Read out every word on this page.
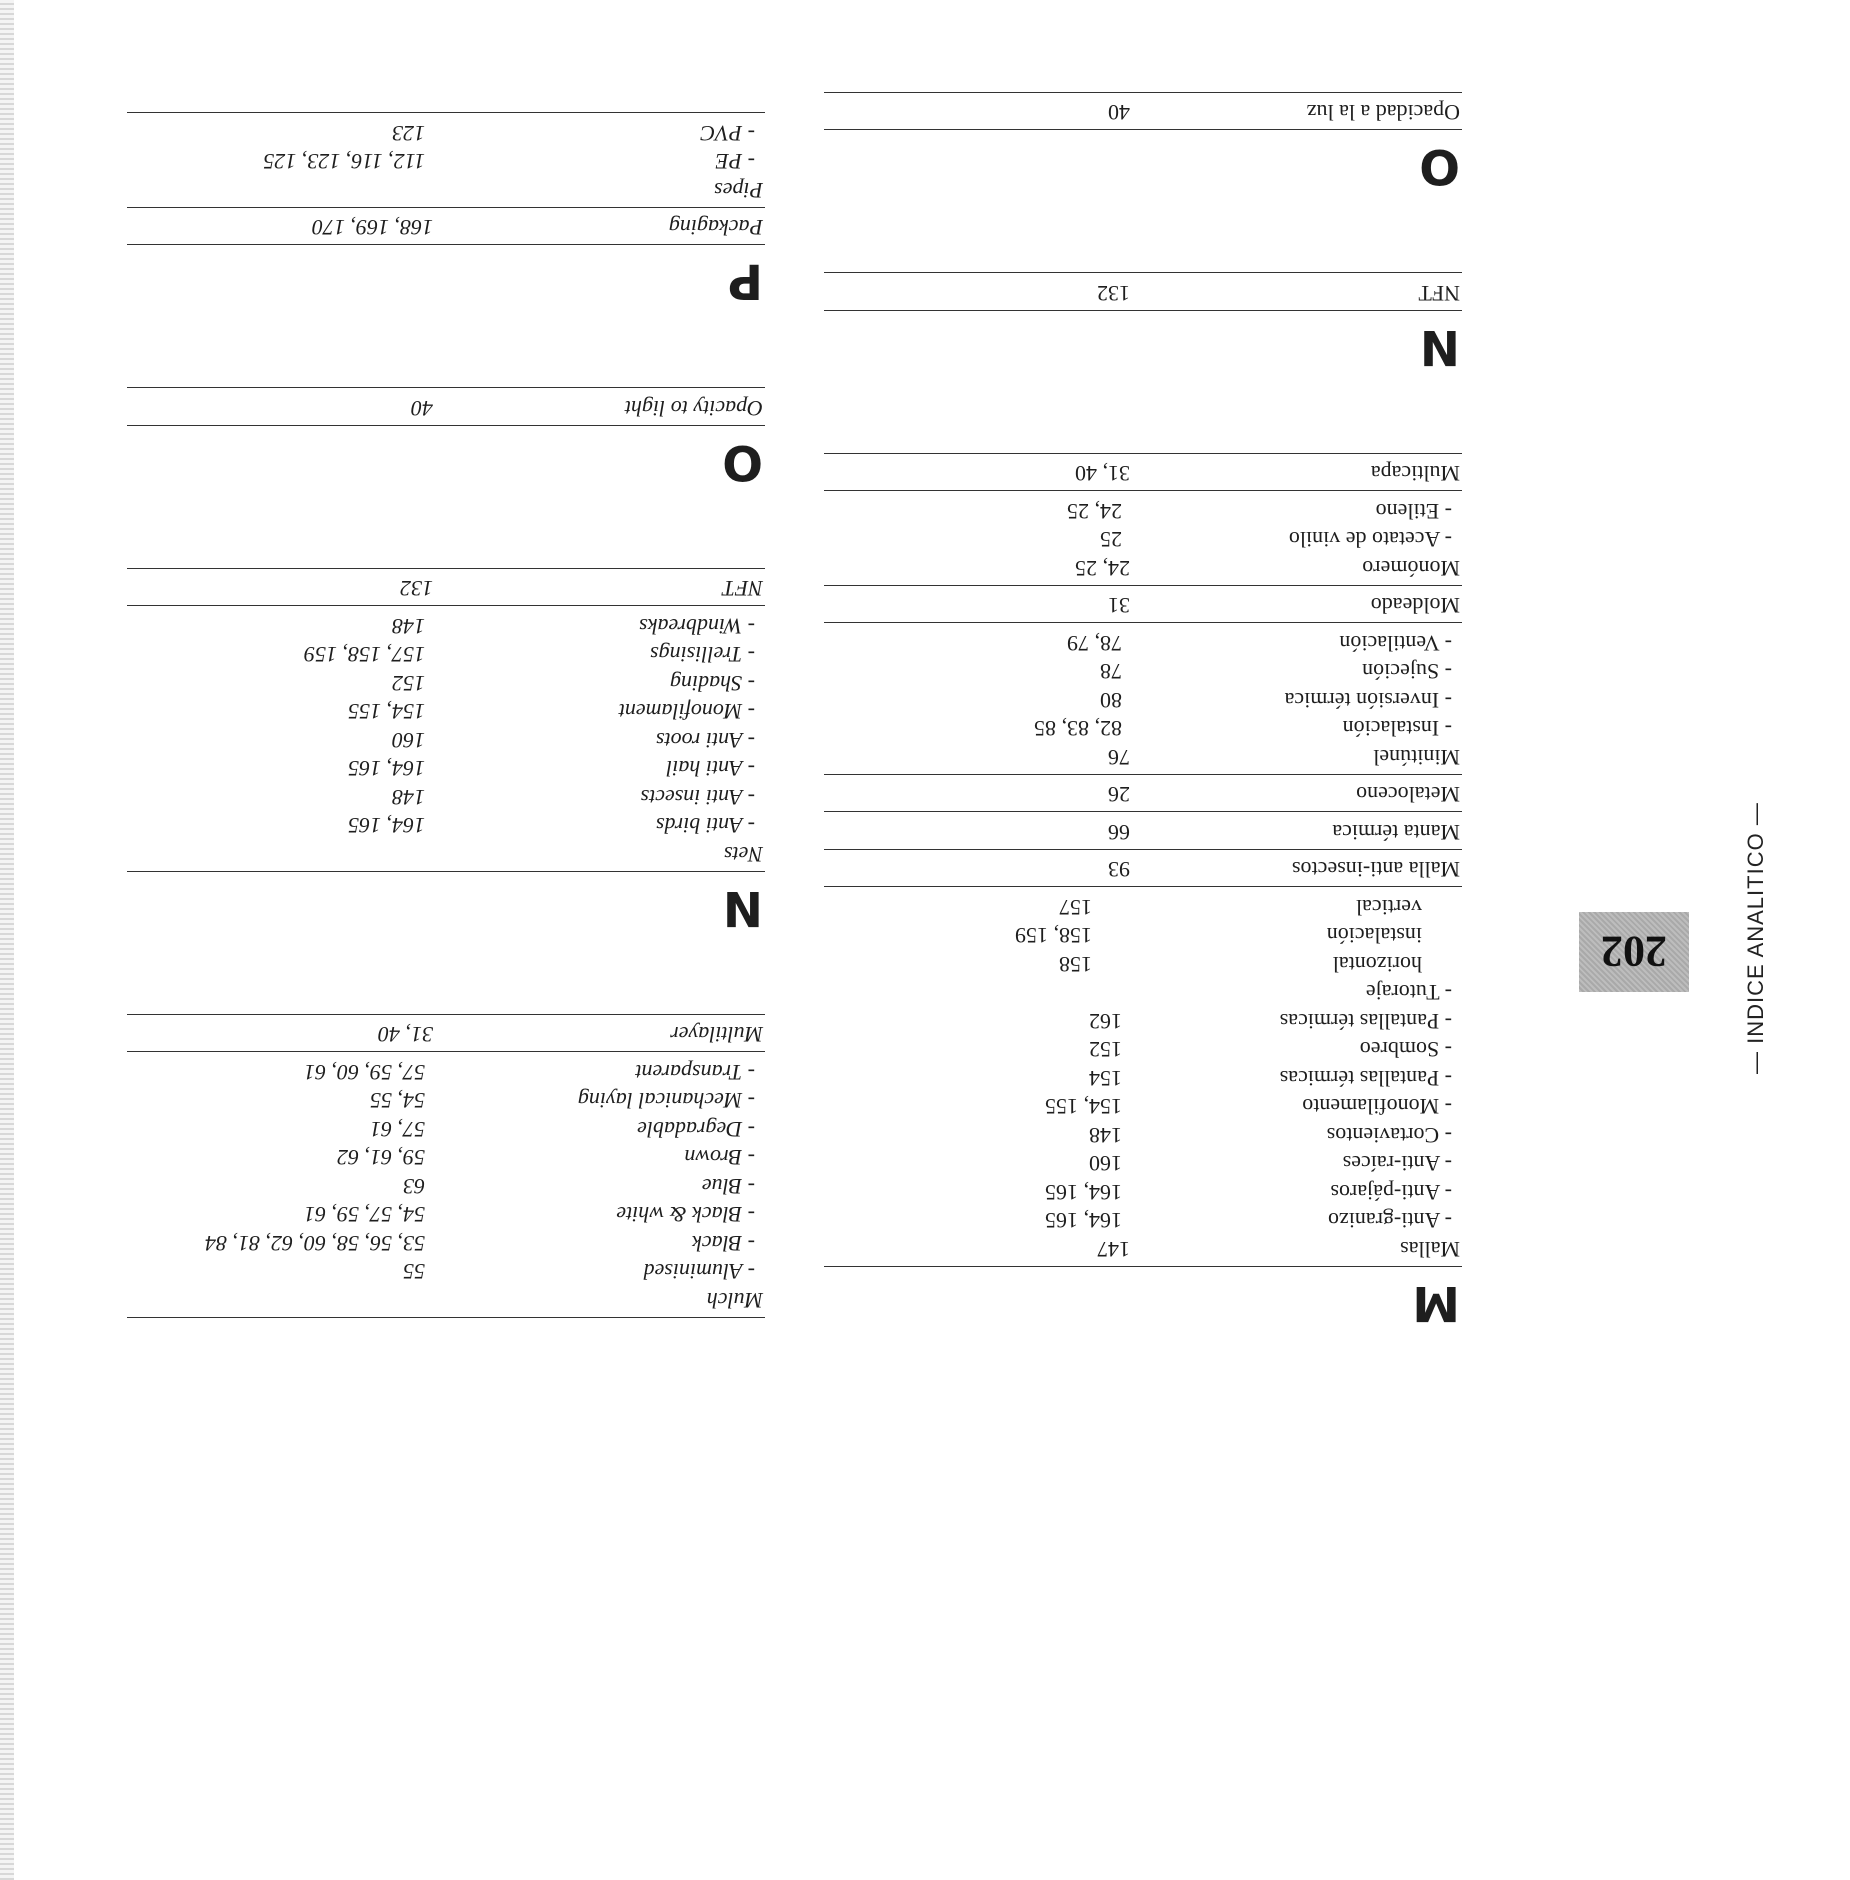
202	— INDICE ANALITICO —
M
Mallas
147
- Anti-granizo
164, 165
- Anti-pájaros
164, 165
- Anti-raíces
160
- Cortavientos
148
- Monofilamento
154, 155
- Pantallas térmicas
154
- Sombreo
152
- Pantallas térmicas
162
- Tutoraje
horizontal
158
instalación
158, 159
vertical
157
Malla anti-insectos
93
Manta térmica
66
Metaloceno
26
Minitúnel
76
- Instalación
82, 83, 85
- Inversión térmica
80
- Sujeción
78
- Ventilación
78, 79
Moldeado
31
Monómero
24, 25
- Acetato de vinilo
25
- Etileno
24, 25
Multicapa
31, 40
N
NFT
132
O
Opacidad a la luz
40
Mulch
- Aluminised
55
- Black
53, 56, 58, 60, 62, 81, 84
- Black & white
54, 57, 59, 61
- Blue
63
- Brown
59, 61, 62
- Degradable
57, 61
- Mechanical laying
54, 55
- Transparent
57, 59, 60, 61
Multilayer
31, 40
N
Nets
- Anti birds
164, 165
- Anti insects
148
- Anti hail
164, 165
- Anti roots
160
- Monofilament
154, 155
- Shading
152
- Trellisings
157, 158, 159
- Windbreaks
148
NFT
132
O
Opacity to light
40
P
Packaging
168, 169, 170
Pipes
- PE
112, 116, 123, 125
- PVC
123
